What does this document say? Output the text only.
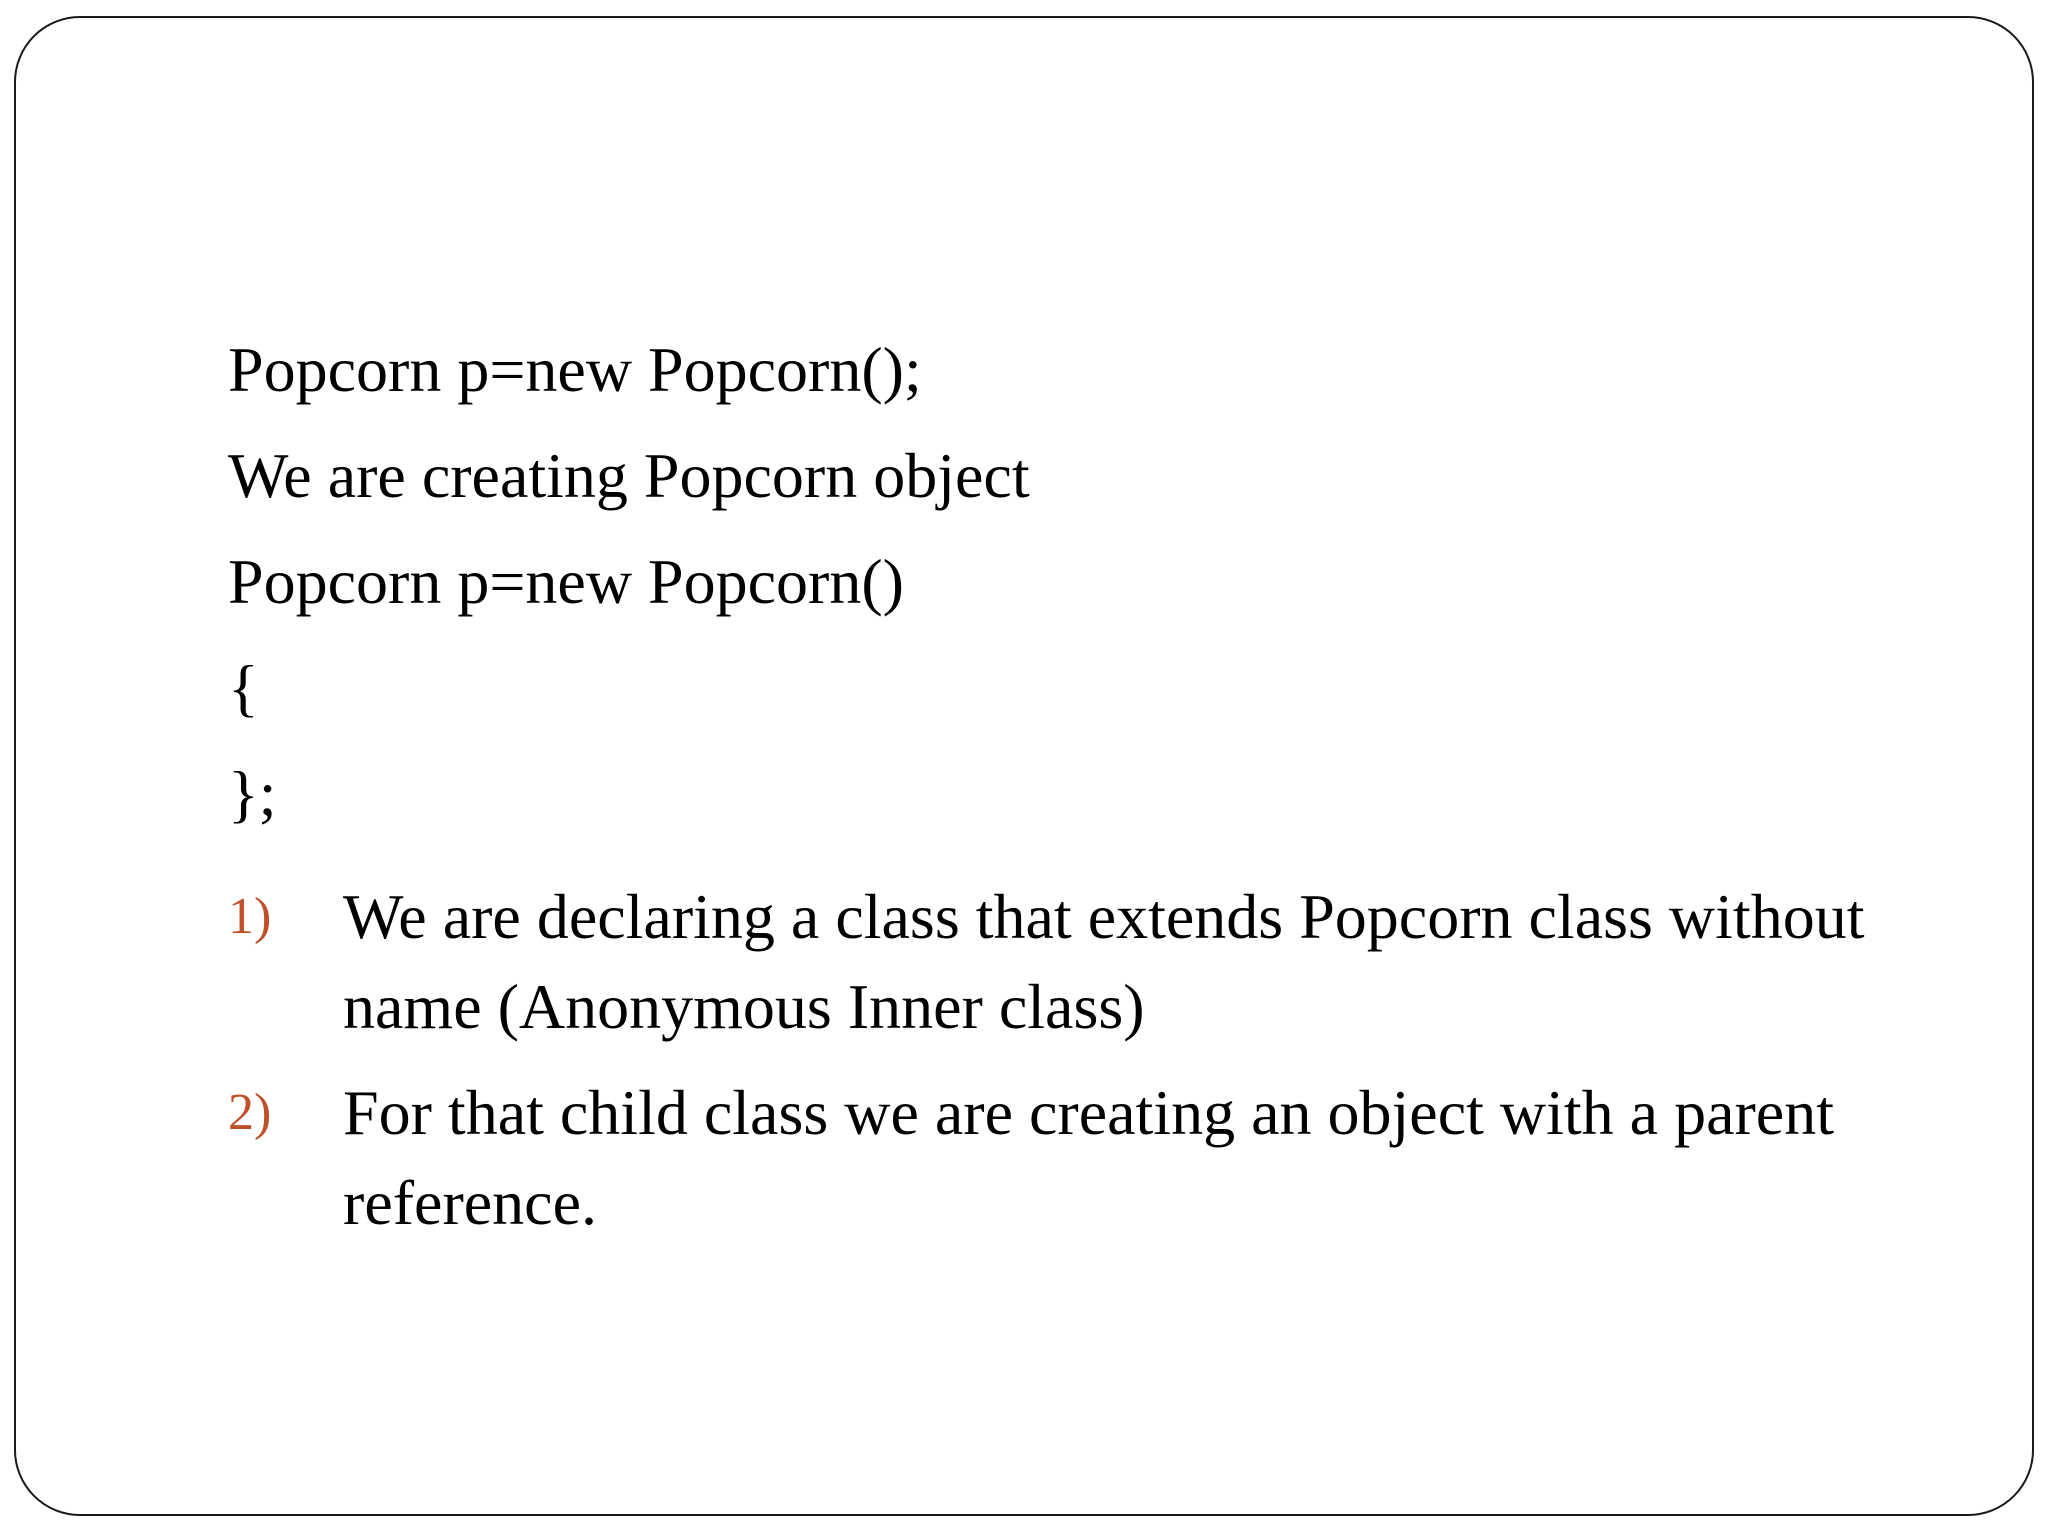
Popcorn p=new Popcorn();
We are creating Popcorn object
Popcorn p=new Popcorn()
{
};
1) We are declaring a class that extends Popcorn class without name (Anonymous Inner class)
2) For that child class we are creating an object with a parent reference.
